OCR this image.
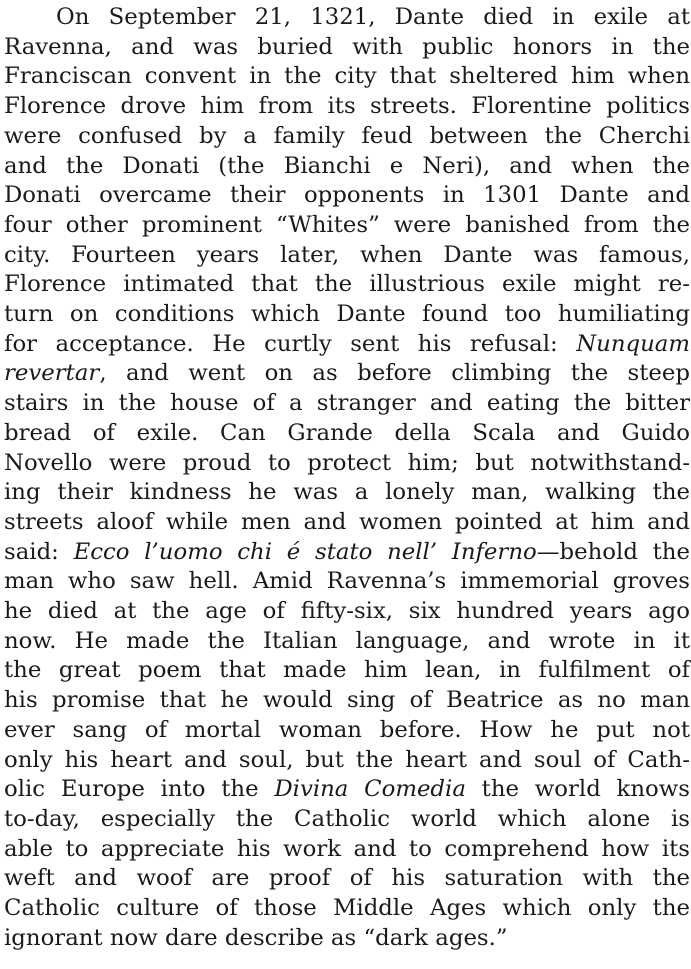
On September 21, 1321, Dante died in exile at
Ravenna, and was buried with public honors in the
Franciscan convent in the city that sheltered him when
Florence drove him from its streets. Florentine politics
were confused by a family feud between the Cherchi
and the Donati (the Bianchi e Neri), and when the
Donati overcame their opponents in 1301 Dante and
four other prominent “Whites” were banished from the
city. Fourteen years later, when Dante was famous,
Florence intimated that the illustrious exile might re-
turn on conditions which Dante found too humiliating
for acceptance. He curtly sent his refusal: Nunquam
revertar, and went on as before climbing the steep
stairs in the house of a stranger and eating the bitter
bread of exile. Can Grande della Scala and Guido
Novello were proud to protect him; but notwithstand-
ing their kindness he was a lonely man, walking the
streets aloof while men and women pointed at him and
said: Ecco l’uomo chi é stato nell’ Inferno—behold the
man who saw hell. Amid Ravenna’s immemorial groves
he died at the age of fifty-six, six hundred years ago
now. He made the Italian language, and wrote in it
the great poem that made him lean, in fulfilment of
his promise that he would sing of Beatrice as no man
ever sang of mortal woman before. How he put not
only his heart and soul, but the heart and soul of Cath-
olic Europe into the Divina Comedia the world knows
to-day, especially the Catholic world which alone is
able to appreciate his work and to comprehend how its
weft and woof are proof of his saturation with the
Catholic culture of those Middle Ages which only the
ignorant now dare describe as “dark ages.”
